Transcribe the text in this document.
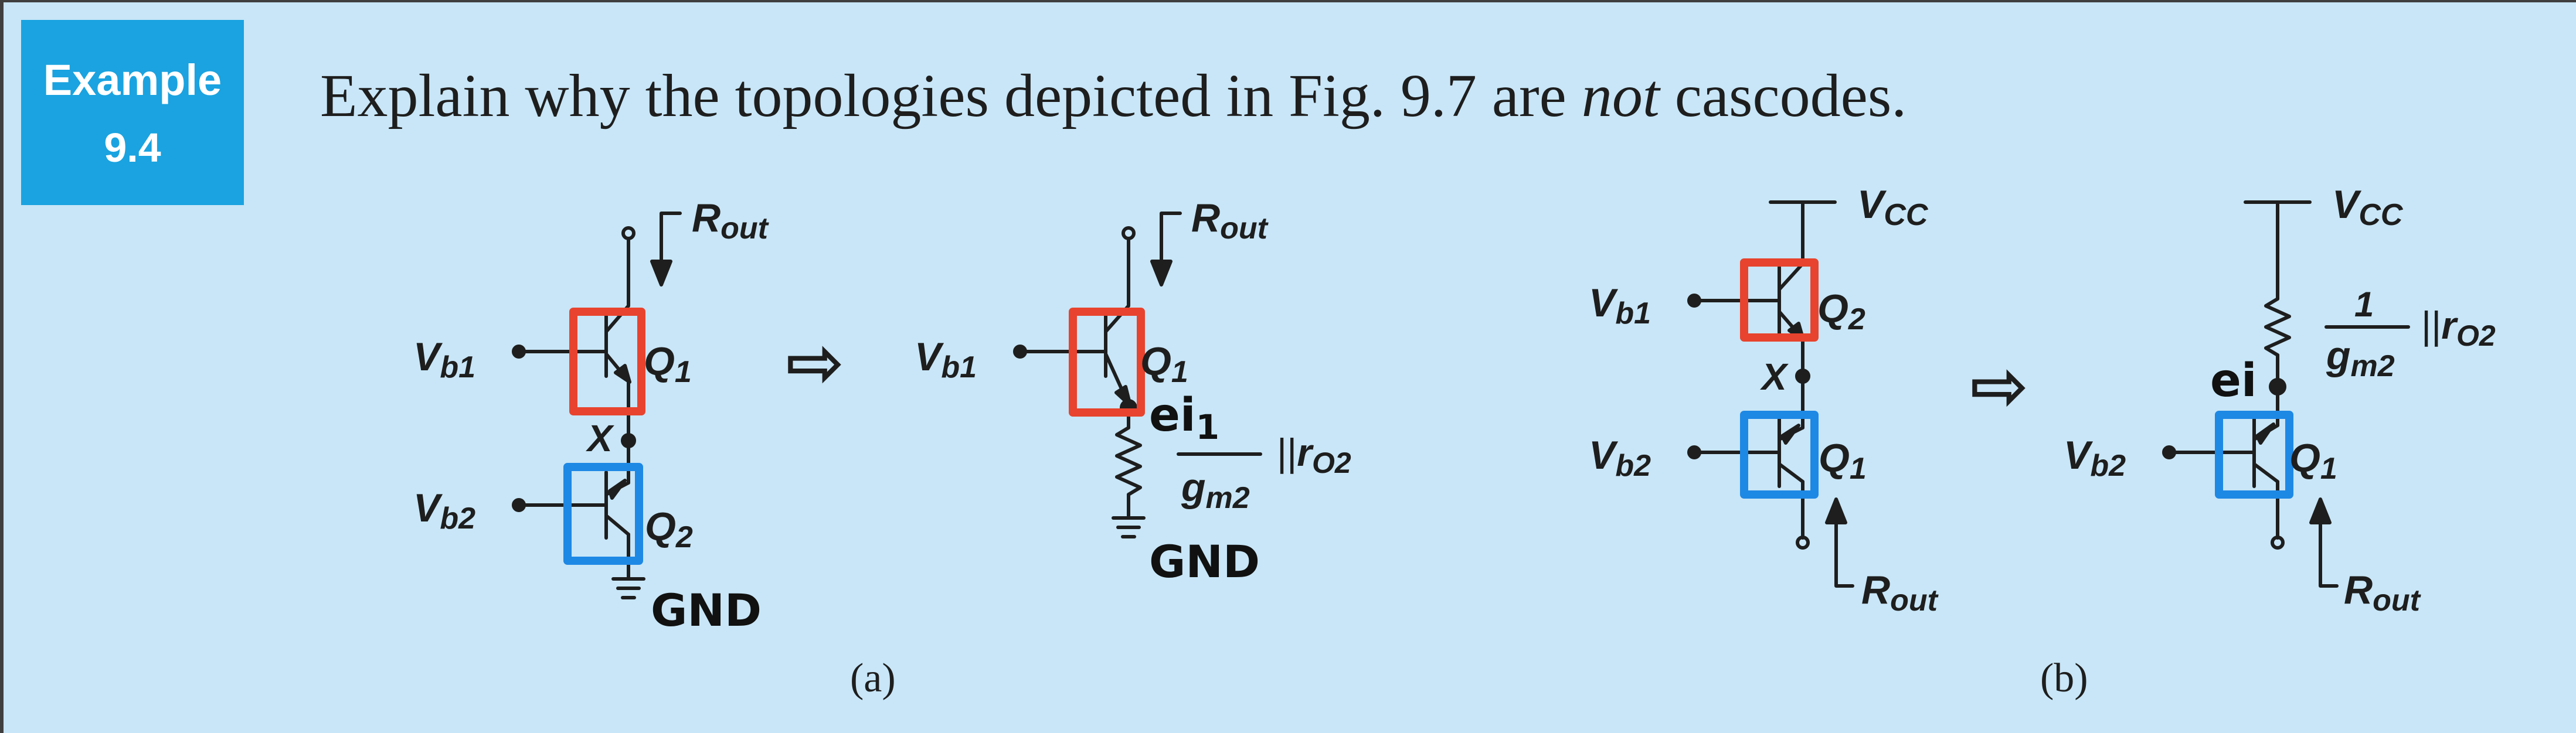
Example
9.4
Explain why the topologies depicted in Fig. 9.7 are not cascodes.
Rout
Vb1	Q1
X
Vb2	Q2
GND
⇨
Rout
Vb1	Q1
ei1
||rO2
gm2
GND
VCC
Vb1	Q2
X
Vb2	Q1
Rout
⇨
VCC
1 ||rO2
gm2
ei
Vb2	Q1
Rout
(a)	(b)
